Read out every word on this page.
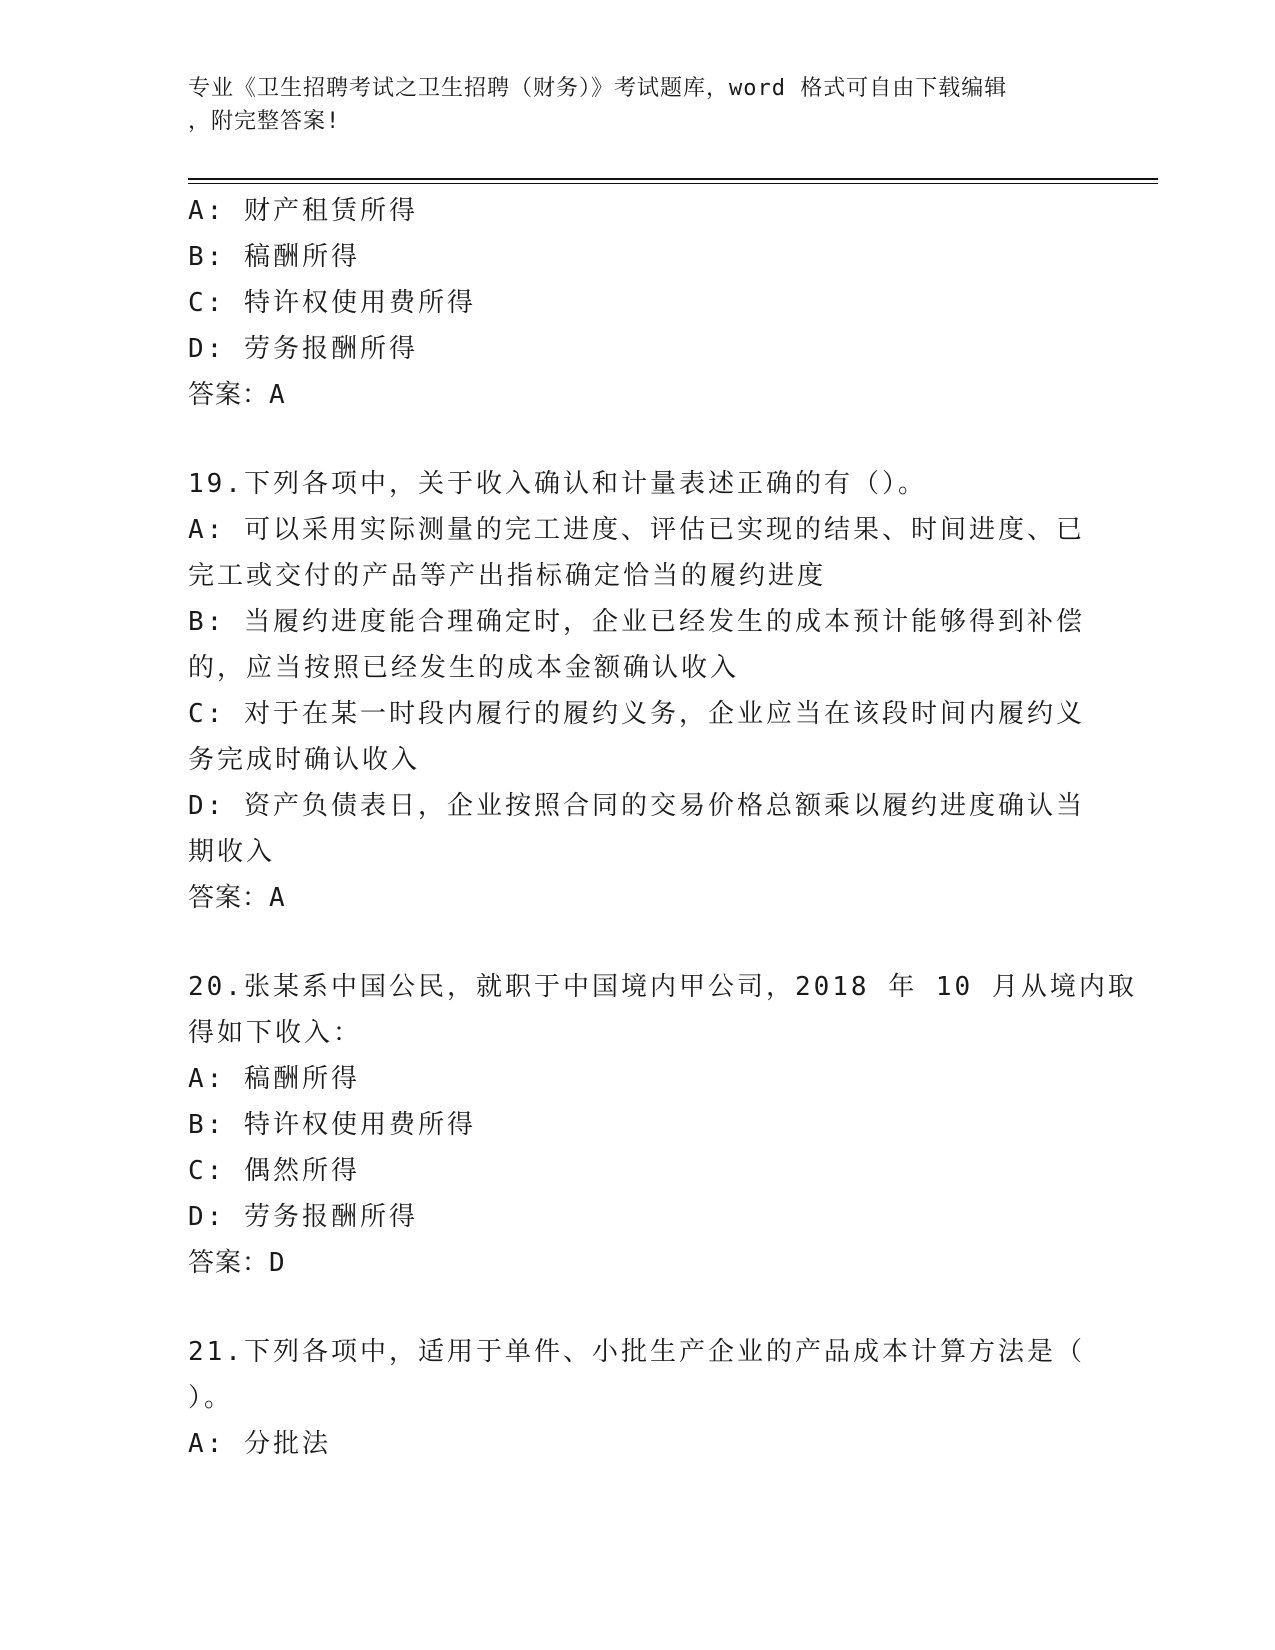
专业《卫生招聘考试之卫生招聘（财务）》考试题库，word 格式可自由下载编辑
，附完整答案!
A: 财产租赁所得
B: 稿酬所得
C: 特许权使用费所得
D: 劳务报酬所得
答案：A
19.下列各项中，关于收入确认和计量表述正确的有（）。
A: 可以采用实际测量的完工进度、评估已实现的结果、时间进度、已
完工或交付的产品等产出指标确定恰当的履约进度
B: 当履约进度能合理确定时，企业已经发生的成本预计能够得到补偿
的，应当按照已经发生的成本金额确认收入
C: 对于在某一时段内履行的履约义务，企业应当在该段时间内履约义
务完成时确认收入
D: 资产负债表日，企业按照合同的交易价格总额乘以履约进度确认当
期收入
答案：A
20.张某系中国公民，就职于中国境内甲公司，2018 年 10 月从境内取
得如下收入：
A: 稿酬所得
B: 特许权使用费所得
C: 偶然所得
D: 劳务报酬所得
答案：D
21.下列各项中，适用于单件、小批生产企业的产品成本计算方法是（
）。
A: 分批法
